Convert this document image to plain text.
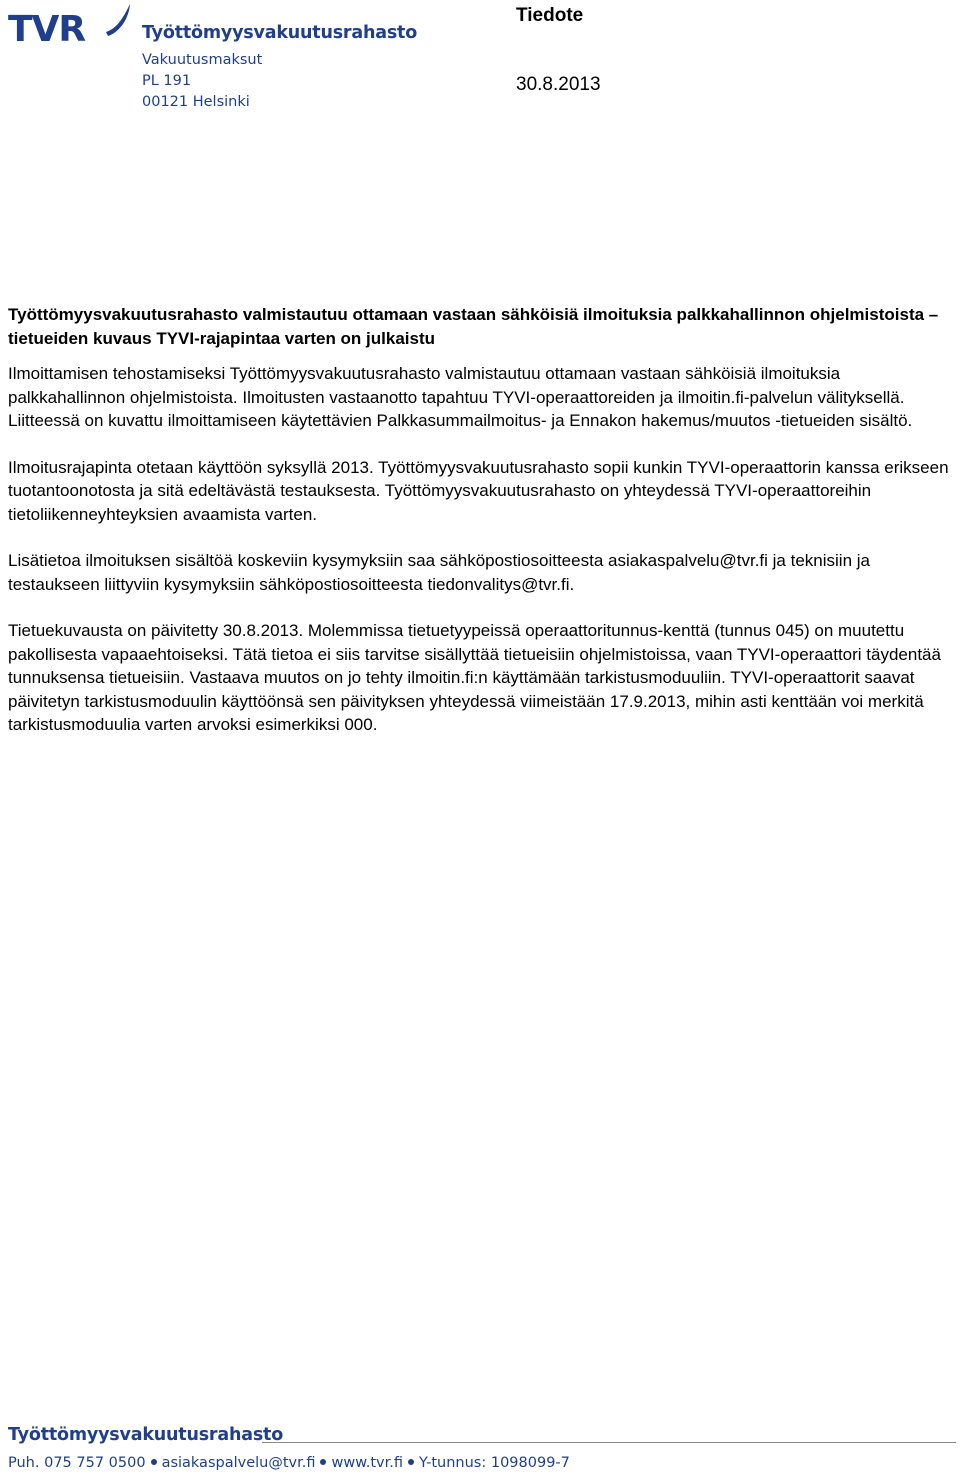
TVR	Työttömyysvakuutusrahasto
Vakuutusmaksut
PL 191
00121 Helsinki
Tiedote
30.8.2013

Työttömyysvakuutusrahasto valmistautuu ottamaan vastaan sähköisiä ilmoituksia palkkahallinnon ohjelmistoista – tietueiden kuvaus TYVI-rajapintaa varten on julkaistu

Ilmoittamisen tehostamiseksi Työttömyysvakuutusrahasto valmistautuu ottamaan vastaan sähköisiä ilmoituksia palkkahallinnon ohjelmistoista. Ilmoitusten vastaanotto tapahtuu TYVI-operaattoreiden ja ilmoitin.fi-palvelun välityksellä. Liitteessä on kuvattu ilmoittamiseen käytettävien Palkkasummailmoitus- ja Ennakon hakemus/muutos -tietueiden sisältö.

Ilmoitusrajapinta otetaan käyttöön syksyllä 2013. Työttömyysvakuutusrahasto sopii kunkin TYVI-operaattorin kanssa erikseen tuotantoonotosta ja sitä edeltävästä testauksesta. Työttömyysvakuutusrahasto on yhteydessä TYVI-operaattoreihin tietoliikenneyhteyksien avaamista varten.

Lisätietoa ilmoituksen sisältöä koskeviin kysymyksiin saa sähköpostiosoitteesta asiakaspalvelu@tvr.fi ja teknisiin ja testaukseen liittyviin kysymyksiin sähköpostiosoitteesta tiedonvalitys@tvr.fi.

Tietuekuvausta on päivitetty 30.8.2013. Molemmissa tietuetyypeissä operaattoritunnus-kenttä (tunnus 045) on muutettu pakollisesta vapaaehtoiseksi. Tätä tietoa ei siis tarvitse sisällyttää tietueisiin ohjelmistoissa, vaan TYVI-operaattori täydentää tunnuksensa tietueisiin. Vastaava muutos on jo tehty ilmoitin.fi:n käyttämään tarkistusmoduuliin. TYVI-operaattorit saavat päivitetyn tarkistusmoduulin käyttöönsä sen päivityksen yhteydessä viimeistään 17.9.2013, mihin asti kenttään voi merkitä tarkistusmoduulia varten arvoksi esimerkiksi 000.

Työttömyysvakuutusrahasto
Puh. 075 757 0500 asiakaspalvelu@tvr.fi www.tvr.fi Y-tunnus: 1098099-7
